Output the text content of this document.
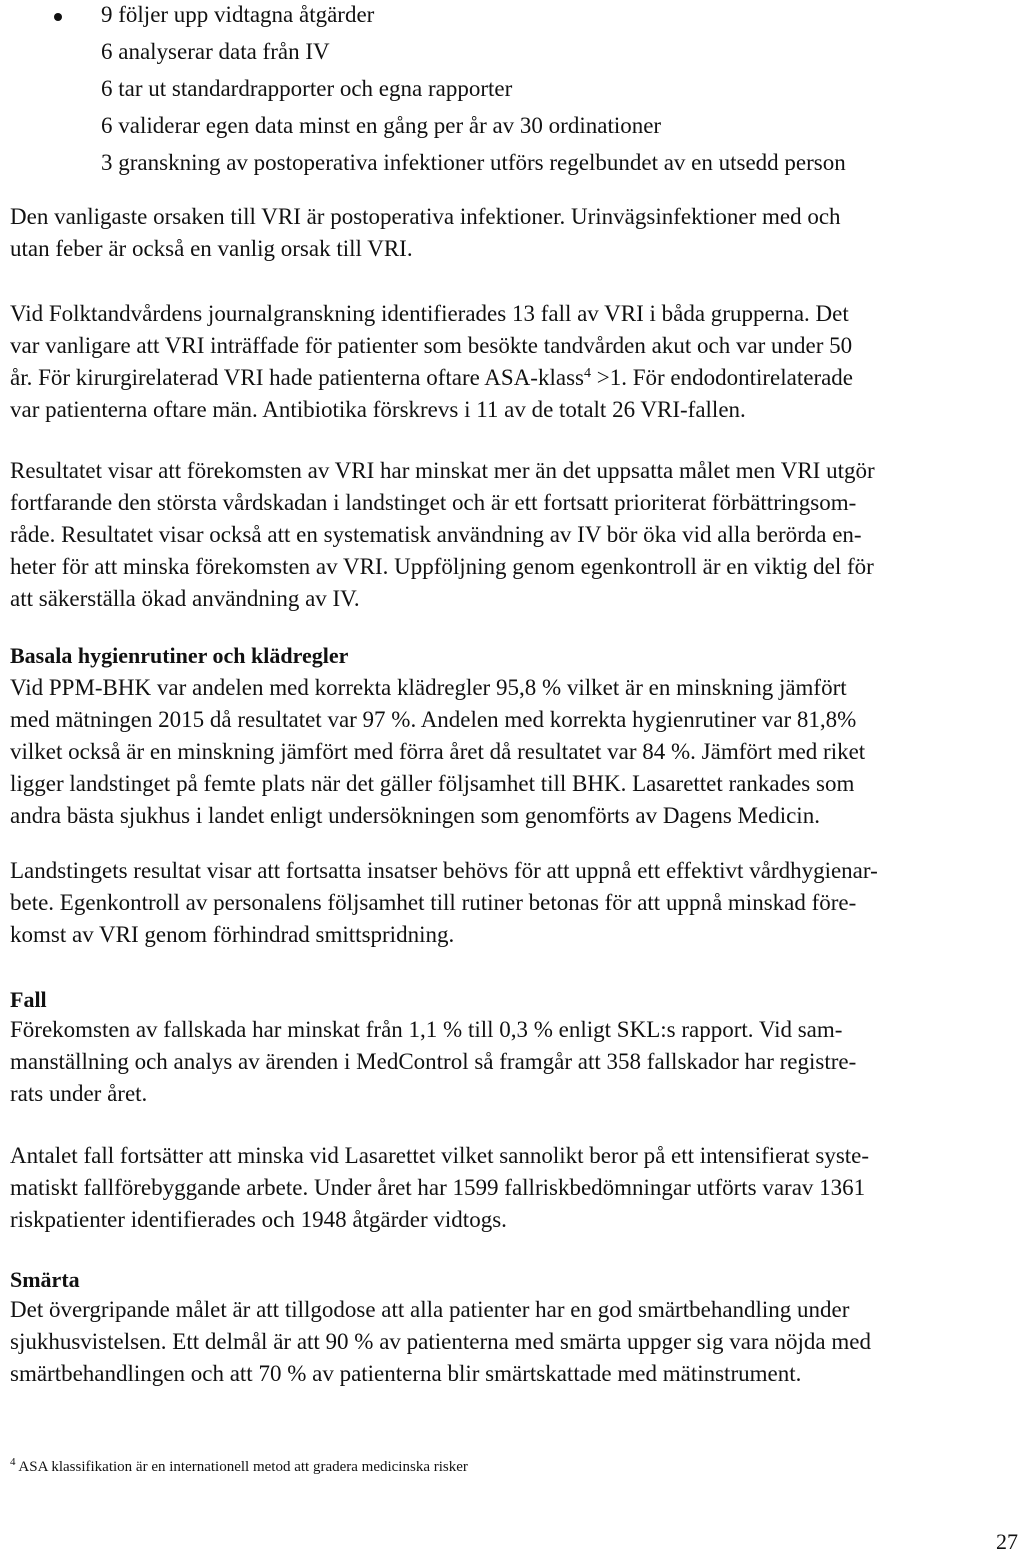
9 följer upp vidtagna åtgärder
6 analyserar data från IV
6 tar ut standardrapporter och egna rapporter
6 validerar egen data minst en gång per år av 30 ordinationer
3 granskning av postoperativa infektioner utförs regelbundet av en utsedd person

Den vanligaste orsaken till VRI är postoperativa infektioner. Urinvägsinfektioner med och
utan feber är också en vanlig orsak till VRI.

Vid Folktandvårdens journalgranskning identifierades 13 fall av VRI i båda grupperna. Det
var vanligare att VRI inträffade för patienter som besökte tandvården akut och var under 50
år. För kirurgirelaterad VRI hade patienterna oftare ASA-klass$^4$ >1. För endodontirelaterade
var patienterna oftare män. Antibiotika förskrevs i 11 av de totalt 26 VRI-fallen.

Resultatet visar att förekomsten av VRI har minskat mer än det uppsatta målet men VRI utgör
fortfarande den största vårdskadan i landstinget och är ett fortsatt prioriterat förbättringsom-
råde. Resultatet visar också att en systematisk användning av IV bör öka vid alla berörda en-
heter för att minska förekomsten av VRI. Uppföljning genom egenkontroll är en viktig del för
att säkerställa ökad användning av IV.

Basala hygienrutiner och klädregler

Vid PPM-BHK var andelen med korrekta klädregler 95,8 % vilket är en minskning jämfört
med mätningen 2015 då resultatet var 97 %. Andelen med korrekta hygienrutiner var 81,8%
vilket också är en minskning jämfört med förra året då resultatet var 84 %. Jämfört med riket
ligger landstinget på femte plats när det gäller följsamhet till BHK. Lasarettet rankades som
andra bästa sjukhus i landet enligt undersökningen som genomförts av Dagens Medicin.

Landstingets resultat visar att fortsatta insatser behövs för att uppnå ett effektivt vårdhygienar-
bete. Egenkontroll av personalens följsamhet till rutiner betonas för att uppnå minskad före-
komst av VRI genom förhindrad smittspridning.

Fall

Förekomsten av fallskada har minskat från 1,1 % till 0,3 % enligt SKL:s rapport. Vid sam-
manställning och analys av ärenden i MedControl så framgår att 358 fallskador har registre-
rats under året.

Antalet fall fortsätter att minska vid Lasarettet vilket sannolikt beror på ett intensifierat syste-
matiskt fallförebyggande arbete. Under året har 1599 fallriskbedömningar utförts varav 1361
riskpatienter identifierades och 1948 åtgärder vidtogs.

Smärta

Det övergripande målet är att tillgodose att alla patienter har en god smärtbehandling under
sjukhusvistelsen. Ett delmål är att 90 % av patienterna med smärta uppger sig vara nöjda med
smärtbehandlingen och att 70 % av patienterna blir smärtskattade med mätinstrument.

$^4$ ASA klassifikation är en internationell metod att gradera medicinska risker
27
